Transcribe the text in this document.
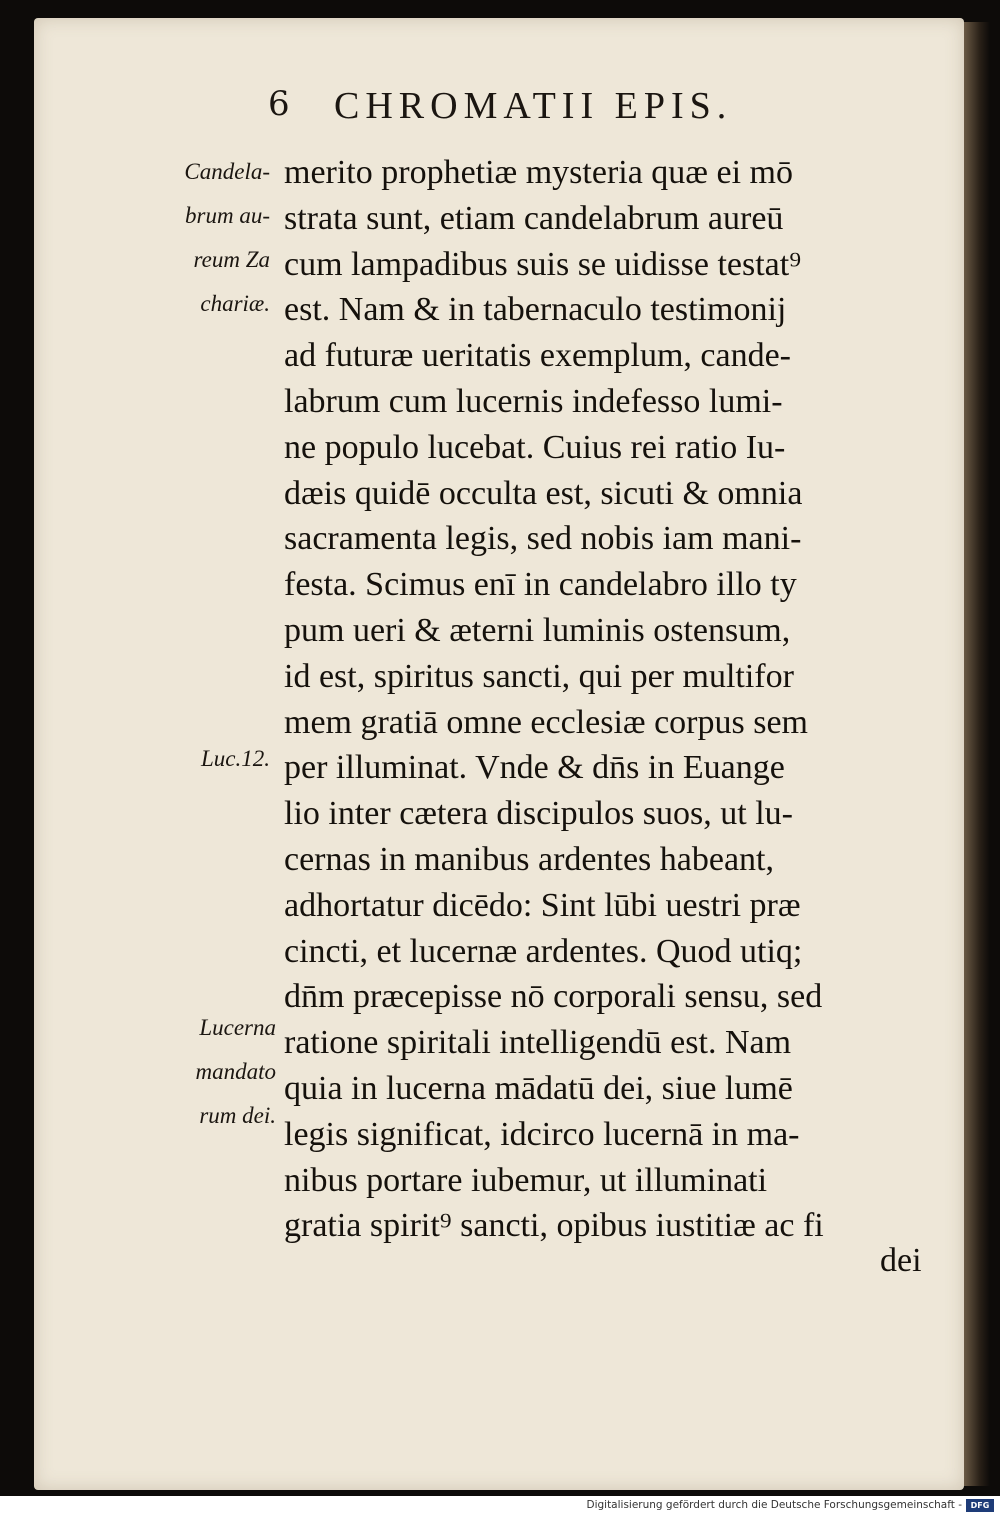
6 CHROMATII EPIS.
Candela-
brum au-
reum Za
chariæ.
Luc.12.
Lucerna
mandato
rum dei.
merito prophetiæ mysteria quæ ei mō
strata sunt, etiam candelabrum aureū
cum lampadibus suis se uidisse testat⁹
est. Nam & in tabernaculo testimonij
ad futuræ ueritatis exemplum, cande-
labrum cum lucernis indefesso lumi-
ne populo lucebat. Cuius rei ratio Iu-
dæis quidē occulta est, sicuti & omnia
sacramenta legis, sed nobis iam mani-
festa. Scimus enī in candelabro illo ty
pum ueri & æterni luminis ostensum,
id est, spiritus sancti, qui per multifor
mem gratiā omne ecclesiæ corpus sem
per illuminat. Vnde & dn̄s in Euange
lio inter cætera discipulos suos, ut lu-
cernas in manibus ardentes habeant,
adhortatur dicēdo: Sint lūbi uestri præ
cincti, et lucernæ ardentes. Quod utiq;
dn̄m præcepisse nō corporali sensu, sed
ratione spiritali intelligendū est. Nam
quia in lucerna mādatū dei, siue lumē
legis significat, idcirco lucernā in ma-
nibus portare iubemur, ut illuminati
gratia spirit⁹ sancti, opibus iustitiæ ac fi
dei
Digitalisierung gefördert durch die Deutsche Forschungsgemeinschaft -	DFG
